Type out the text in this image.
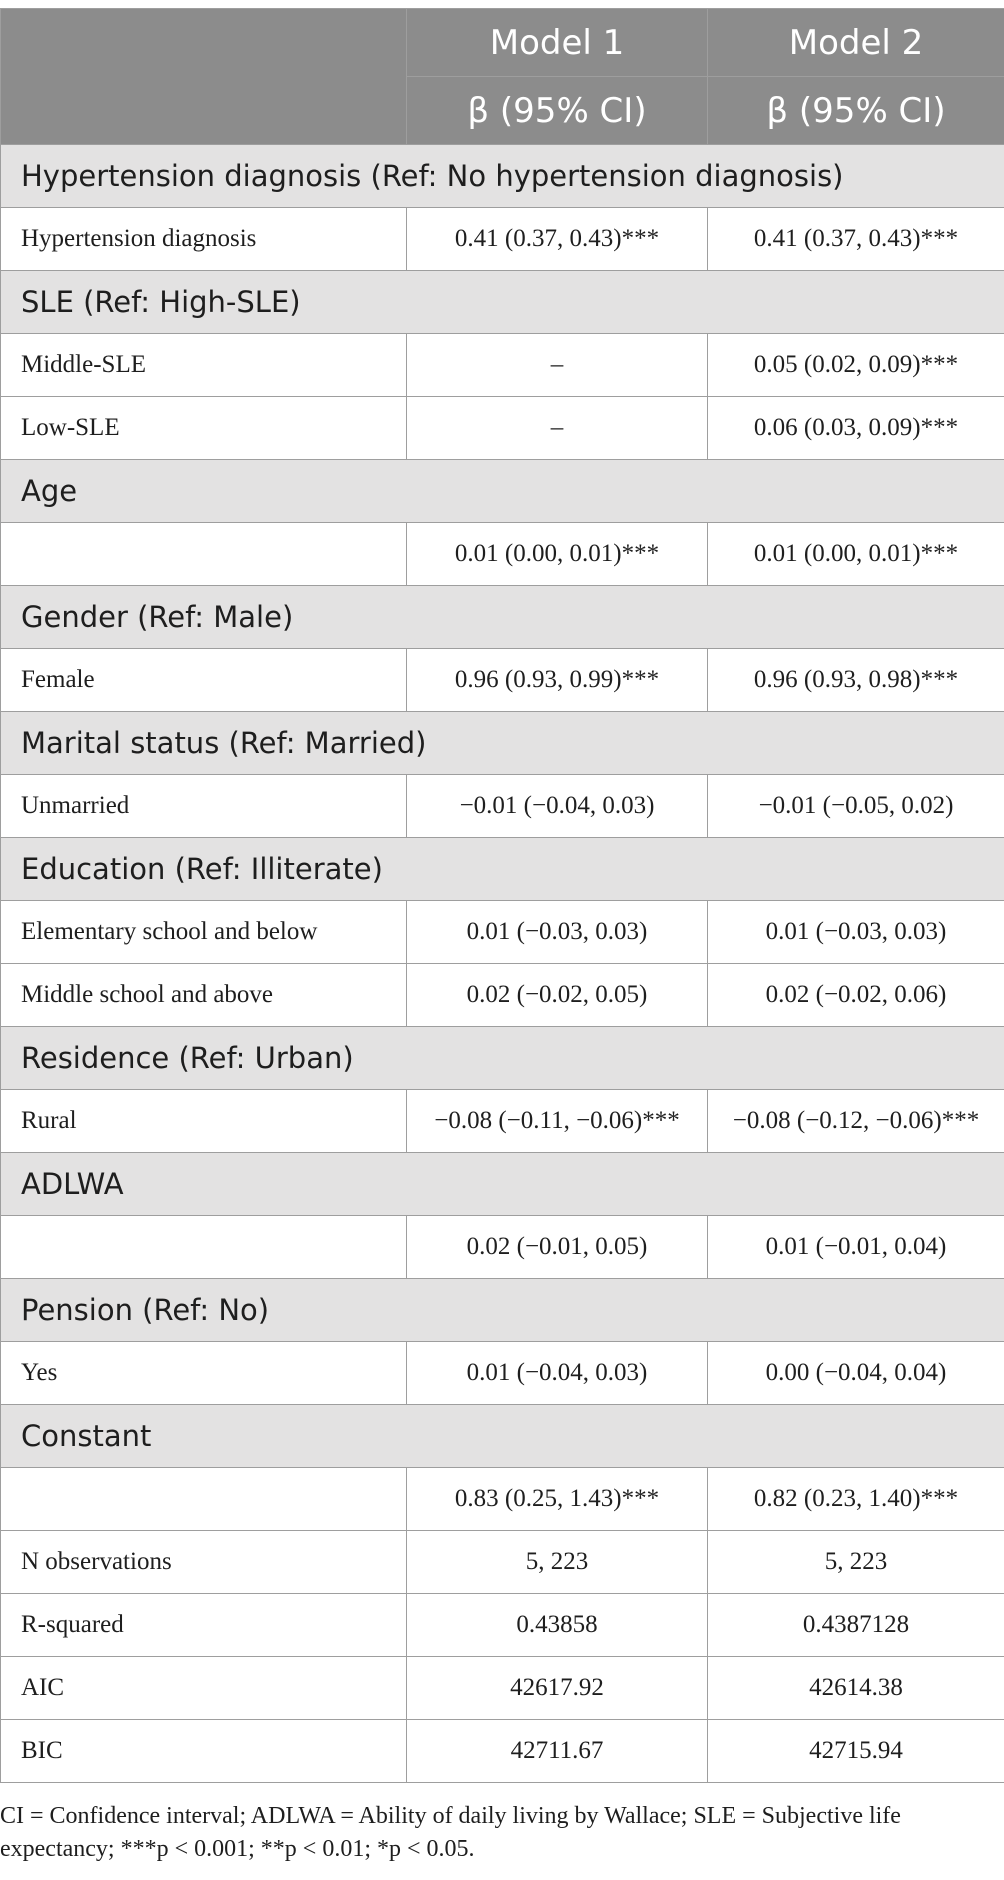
	Model 1	Model 2
	β (95% CI)	β (95% CI)
Hypertension diagnosis (Ref: No hypertension diagnosis)		
Hypertension diagnosis	0.41 (0.37, 0.43)***	0.41 (0.37, 0.43)***
SLE (Ref: High-SLE)		
Middle-SLE	–	0.05 (0.02, 0.09)***
Low-SLE	–	0.06 (0.03, 0.09)***
Age		
	0.01 (0.00, 0.01)***	0.01 (0.00, 0.01)***
Gender (Ref: Male)		
Female	0.96 (0.93, 0.99)***	0.96 (0.93, 0.98)***
Marital status (Ref: Married)		
Unmarried	−0.01 (−0.04, 0.03)	−0.01 (−0.05, 0.02)
Education (Ref: Illiterate)		
Elementary school and below	0.01 (−0.03, 0.03)	0.01 (−0.03, 0.03)
Middle school and above	0.02 (−0.02, 0.05)	0.02 (−0.02, 0.06)
Residence (Ref: Urban)		
Rural	−0.08 (−0.11, −0.06)***	−0.08 (−0.12, −0.06)***
ADLWA		
	0.02 (−0.01, 0.05)	0.01 (−0.01, 0.04)
Pension (Ref: No)		
Yes	0.01 (−0.04, 0.03)	0.00 (−0.04, 0.04)
Constant		
	0.83 (0.25, 1.43)***	0.82 (0.23, 1.40)***
N observations	5, 223	5, 223
R-squared	0.43858	0.4387128
AIC	42617.92	42614.38
BIC	42711.67	42715.94
CI = Confidence interval; ADLWA = Ability of daily living by Wallace; SLE = Subjective life expectancy; ***p < 0.001; **p < 0.01; *p < 0.05.
